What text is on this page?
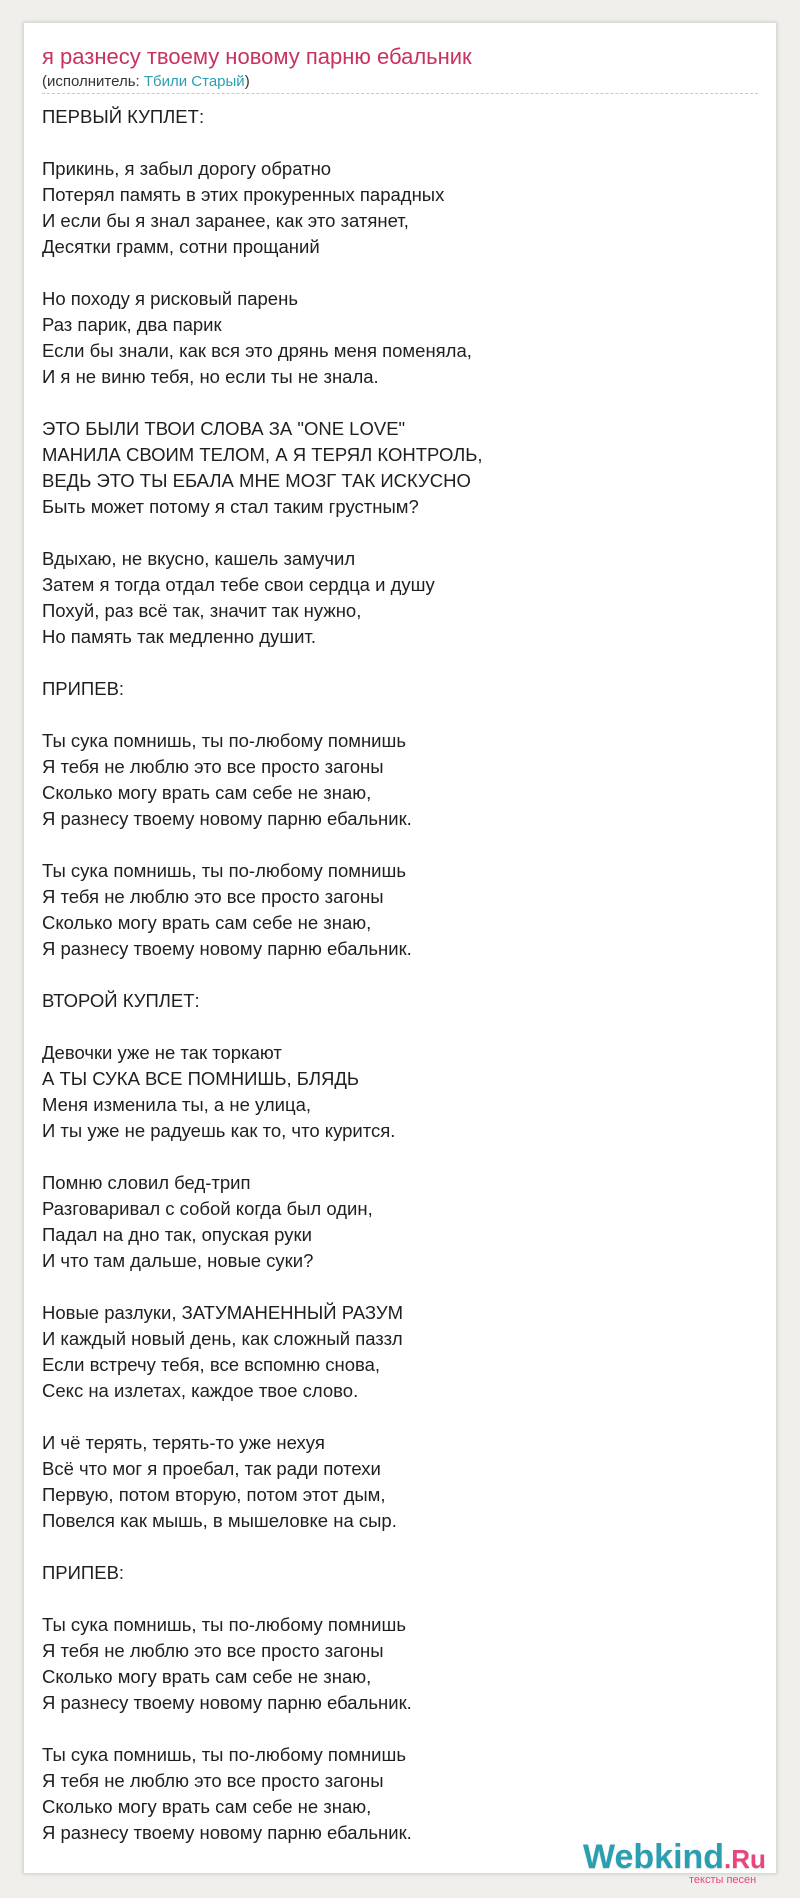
я разнесу твоему новому парню ебальник
(исполнитель: Тбили Старый)
ПЕРВЫЙ КУПЛЕТ:
Прикинь, я забыл дорогу обратно
Потерял память в этих прокуренных парадных
И если бы я знал заранее, как это затянет,
Десятки грамм, сотни прощаний
Но походу я рисковый парень
Раз парик, два парик
Если бы знали, как вся это дрянь меня поменяла,
И я не виню тебя, но если ты не знала.
ЭТО БЫЛИ ТВОИ СЛОВА ЗА "ONE LOVE"
МАНИЛА СВОИМ ТЕЛОМ, А Я ТЕРЯЛ КОНТРОЛЬ,
ВЕДЬ ЭТО ТЫ ЕБАЛА МНЕ МОЗГ ТАК ИСКУСНО
Быть может потому я стал таким грустным?
Вдыхаю, не вкусно, кашель замучил
Затем я тогда отдал тебе свои сердца и душу
Похуй, раз всё так, значит так нужно,
Но память так медленно душит.
ПРИПЕВ:
Ты сука помнишь, ты по-любому помнишь
Я тебя не люблю это все просто загоны
Сколько могу врать сам себе не знаю,
Я разнесу твоему новому парню ебальник.
Ты сука помнишь, ты по-любому помнишь
Я тебя не люблю это все просто загоны
Сколько могу врать сам себе не знаю,
Я разнесу твоему новому парню ебальник.
ВТОРОЙ КУПЛЕТ:
Девочки уже не так торкают
А ТЫ СУКА ВСЕ ПОМНИШЬ, БЛЯДЬ
Меня изменила ты, а не улица,
И ты уже не радуешь как то, что курится.
Помню словил бед-трип
Разговаривал с собой когда был один,
Падал на дно так, опуская руки
И что там дальше, новые суки?
Новые разлуки, ЗАТУМАНЕННЫЙ РАЗУМ
И каждый новый день, как сложный паззл
Если встречу тебя, все вспомню снова,
Секс на излетах, каждое твое слово.
И чё терять, терять-то уже нехуя
Всё что мог я проебал, так ради потехи
Первую, потом вторую, потом этот дым,
Повелся как мышь, в мышеловке на сыр.
ПРИПЕВ:
Ты сука помнишь, ты по-любому помнишь
Я тебя не люблю это все просто загоны
Сколько могу врать сам себе не знаю,
Я разнесу твоему новому парню ебальник.
Ты сука помнишь, ты по-любому помнишь
Я тебя не люблю это все просто загоны
Сколько могу врать сам себе не знаю,
Я разнесу твоему новому парню ебальник.
Webkind.Ru
тексты песен
